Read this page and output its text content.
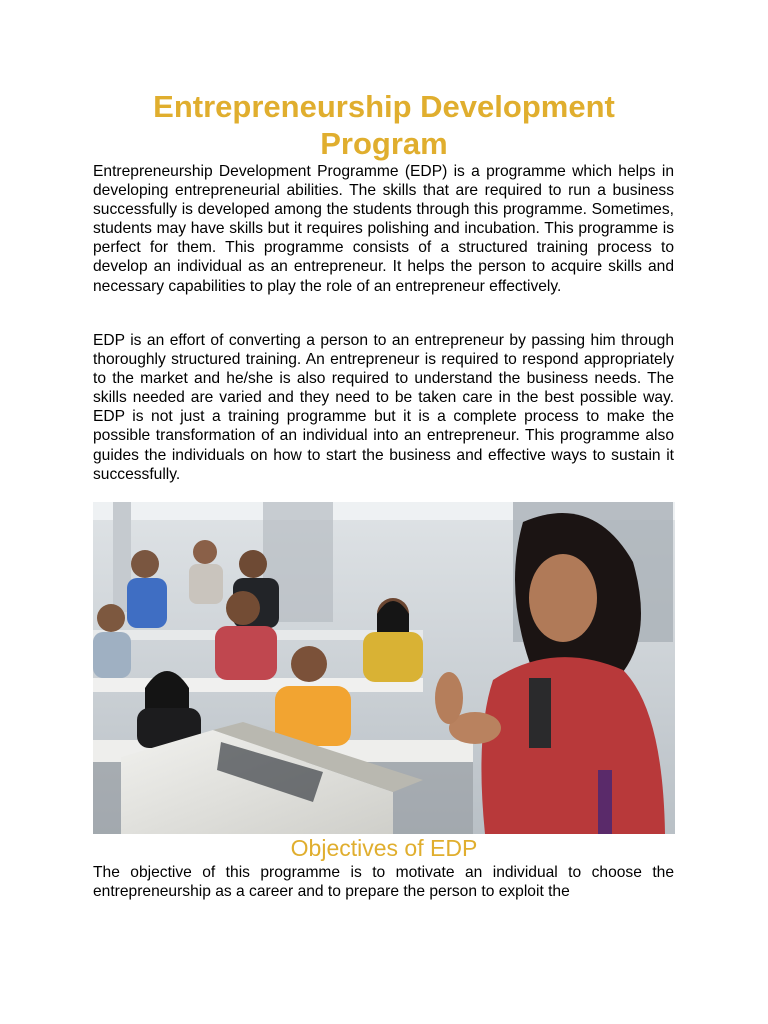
Entrepreneurship Development Program

Entrepreneurship Development Programme (EDP) is a programme which helps in developing entrepreneurial abilities. The skills that are required to run a business successfully is developed among the students through this programme. Sometimes, students may have skills but it requires polishing and incubation. This programme is perfect for them. This programme consists of a structured training process to develop an individual as an entrepreneur. It helps the person to acquire skills and necessary capabilities to play the role of an entrepreneur effectively.

EDP is an effort of converting a person to an entrepreneur by passing him through thoroughly structured training. An entrepreneur is required to respond appropriately to the market and he/she is also required to understand the business needs. The skills needed are varied and they need to be taken care in the best possible way. EDP is not just a training programme but it is a complete process to make the possible transformation of an individual into an entrepreneur. This programme also guides the individuals on how to start the business and effective ways to sustain it successfully.

Objectives of EDP

The objective of this programme is to motivate an individual to choose the entrepreneurship as a career and to prepare the person to exploit the
